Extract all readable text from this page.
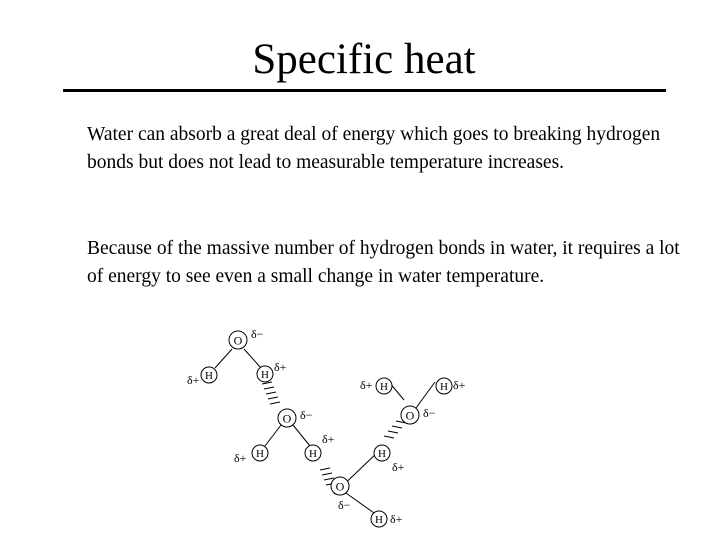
Specific heat

Water can absorb a great deal of energy which goes to breaking hydrogen bonds but does not lead to measurable temperature increases.

Because of the massive number of hydrogen bonds in water, it requires a lot of energy to see even a small change in water temperature.

O δ−
H
δ+	H
δ+
O δ−
H
δ+	H
δ+
O δ−
H
δ+	H δ+
O
δ−
H
δ+
H δ+
